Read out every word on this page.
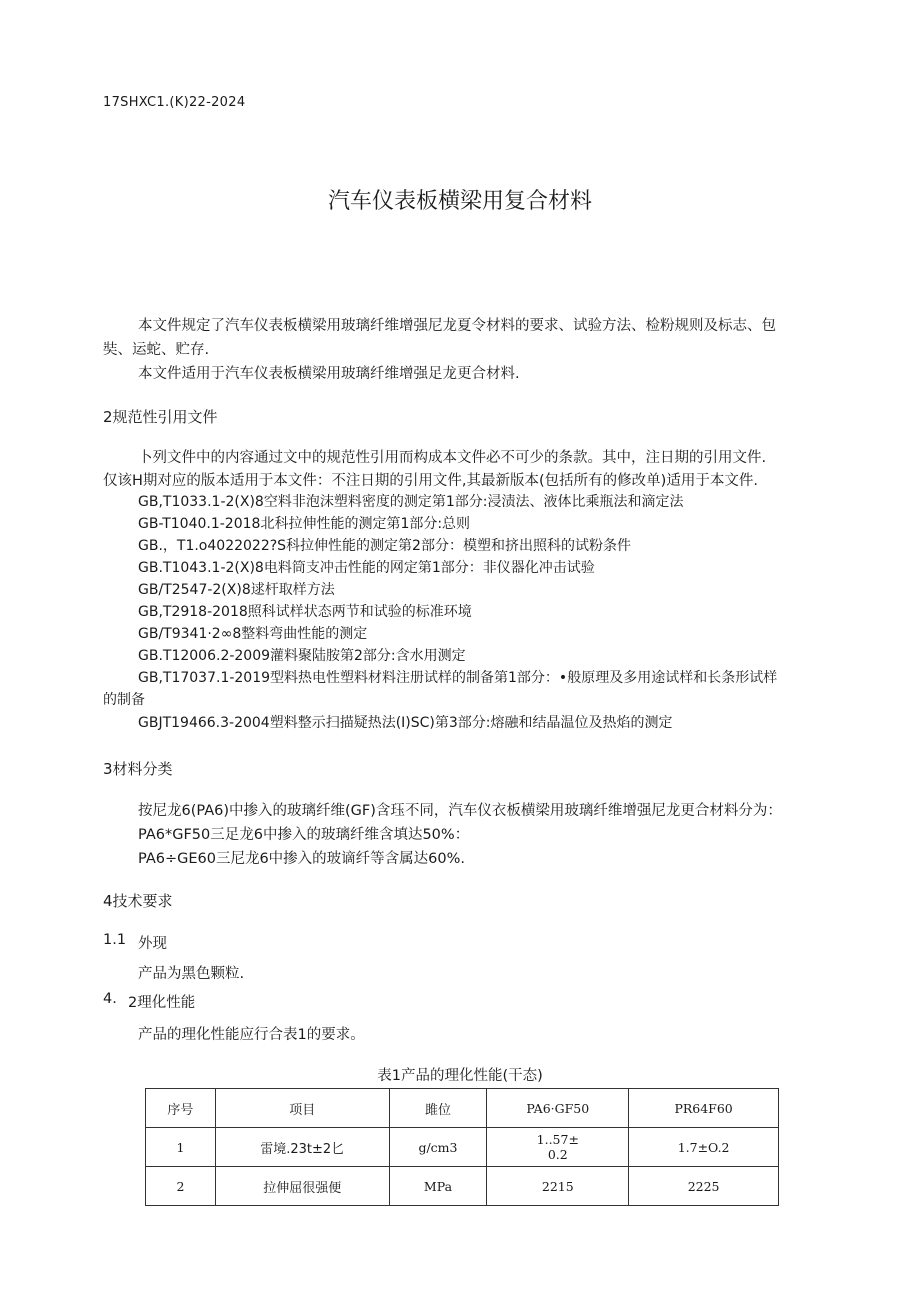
17SHXC1.(K)22-2024
汽车仪表板横梁用复合材料
本文件规定了汽车仪表板横梁用玻璃纤维增强尼龙夏令材料的要求、试验方法、检粉规则及标志、包
奘、运蛇、贮存.
本文件适用于汽车仪表板横梁用玻璃纤维增强足龙更合材料.
2规范性引用文件
卜列文件中的内容通过文中的规范性引用而构成本文件必不可少的条款。其中，注日期的引用文件.
仅该H期对应的版本适用于本文件：不注日期的引用文件,其最新版本(包括所有的修改单)适用于本文件.
GB,T1033.1-2(X)8空料非泡沫塑料密度的测定第1部分:浸渍法、液体比乘瓶法和滴定法
GB-T1040.1-2018北科拉伸性能的测定第1部分:总则
GB.，T1.o4022022?S科拉伸性能的测定第2部分：模塑和挤出照科的试粉条件
GB.T1043.1-2(X)8电料筒支冲击性能的网定第1部分：非仪器化冲击试验
GB/T2547-2(X)8逑杆取样方法
GB,T2918-2018照科试样状态两节和试验的标准环境
GB/T9341·2∞8整料弯曲性能的测定
GB.T12006.2-2009灌料聚陆胺第2部分:含水用测定
GB,T17037.1-2019型料热电性塑料材料注册试样的制备第1部分：•般原理及多用途试样和长条形试样
的制备
GBJT19466.3-2004塑料整示扫描疑热法(I)SC)第3部分:熔融和结晶温位及热焰的测定
3材料分类
按尼龙6(PA6)中掺入的玻璃纤维(GF)含珏不同，汽车仪衣板横梁用玻璃纤维增强尼龙更合材料分为：
PA6*GF50三足龙6中掺入的玻璃纤维含填达50%：
PA6÷GE60三尼龙6中掺入的玻谪纤等含属达60%.
4技术要求
1.1 外现
产品为黑色颗粒.
4. 2理化性能
产品的理化性能应行合表1的要求。
表1产品的理化性能(干态)
序号	项目	雎位	PA6·GF50	PR64F60
1	雷境.23t±2匕	g/cm3	1..57±
0.2	1.7±O.2
2	拉伸屈很强便	MPa	2215	2225
